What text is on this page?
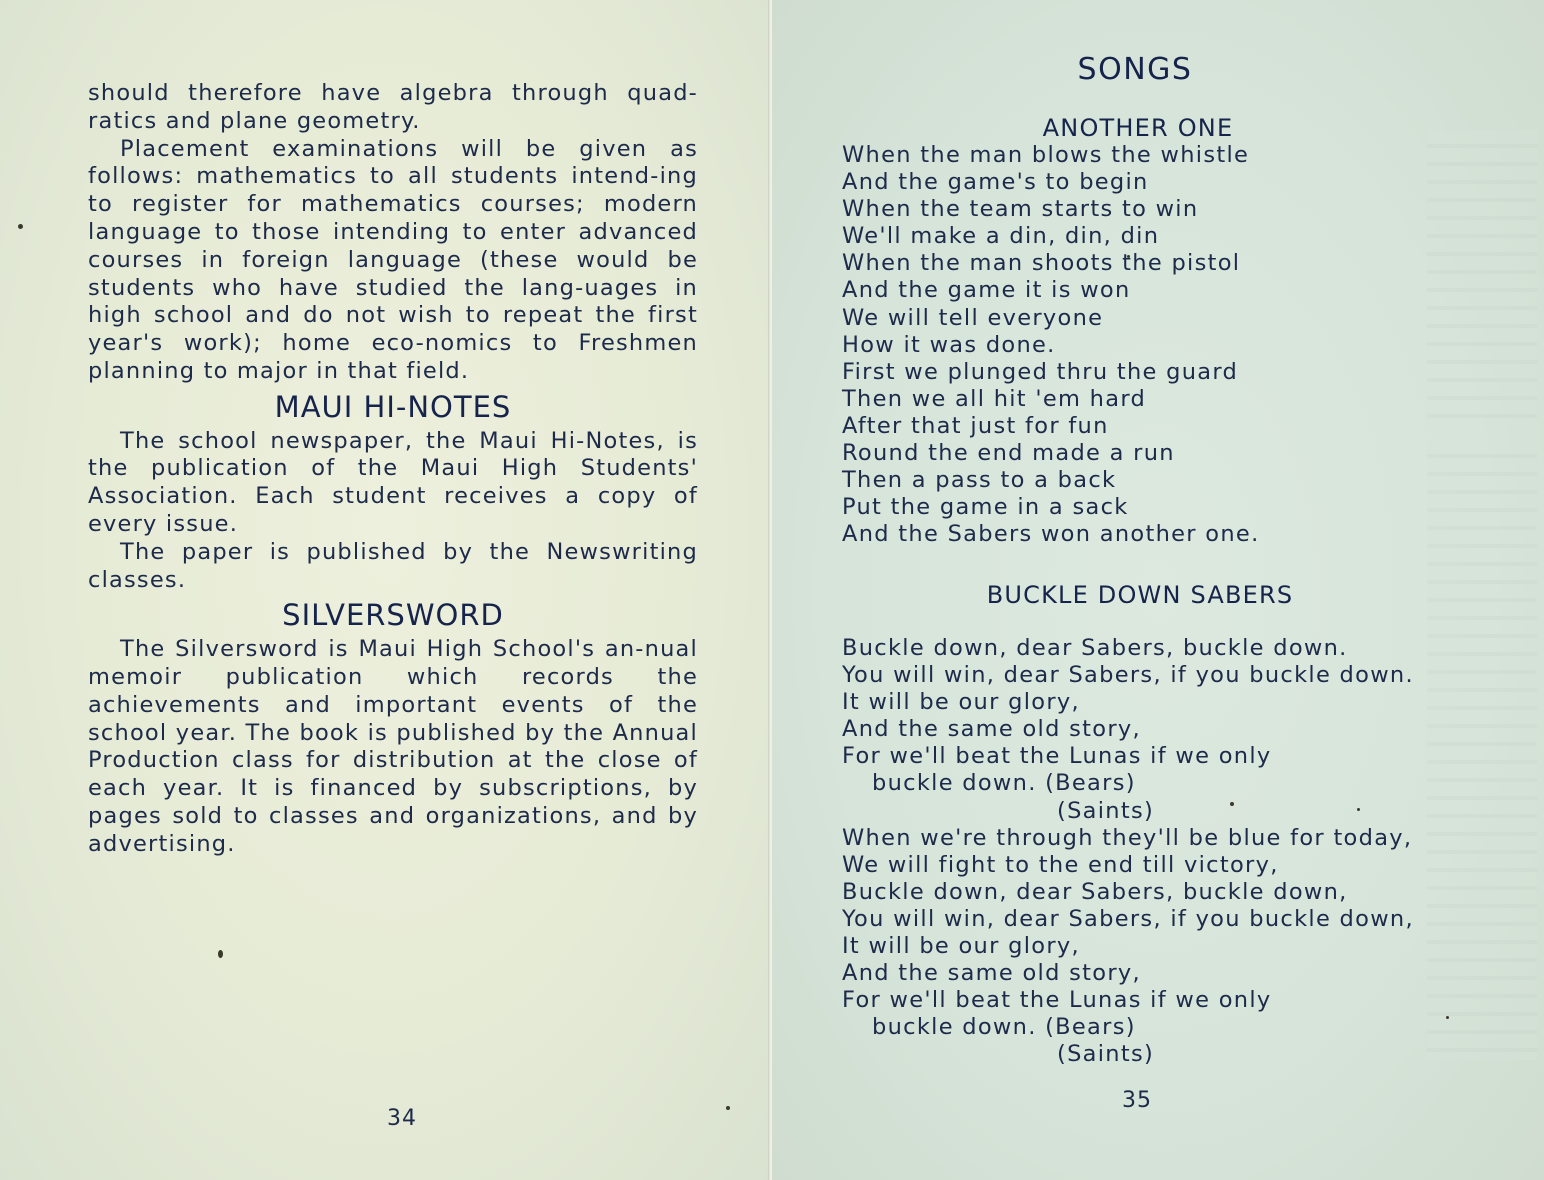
should therefore have algebra through quad-ratics and plane geometry.

Placement examinations will be given as follows: mathematics to all students intend-ing to register for mathematics courses; modern language to those intending to enter advanced courses in foreign language (these would be students who have studied the lang-uages in high school and do not wish to repeat the first year's work); home eco-nomics to Freshmen planning to major in that field.

MAUI HI-NOTES

The school newspaper, the Maui Hi-Notes, is the publication of the Maui High Students' Association. Each student receives a copy of every issue.

The paper is published by the Newswriting classes.

SILVERSWORD

The Silversword is Maui High School's an-nual memoir publication which records the achievements and important events of the school year. The book is published by the Annual Production class for distribution at the close of each year. It is financed by subscriptions, by pages sold to classes and organizations, and by advertising.

34
SONGS
ANOTHER ONE
BUCKLE DOWN SABERS
35
When the man blows the whistle
And the game's to begin
When the team starts to win
We'll make a din, din, din
When the man shoots the pistol
And the game it is won
We will tell everyone
How it was done.
First we plunged thru the guard
Then we all hit 'em hard
After that just for fun
Round the end made a run
Then a pass to a back
Put the game in a sack
And the Sabers won another one.
Buckle down, dear Sabers, buckle down.
You will win, dear Sabers, if you buckle down.
It will be our glory,
And the same old story,
For we'll beat the Lunas if we only
buckle down. (Bears)
(Saints)
When we're through they'll be blue for today,
We will fight to the end till victory,
Buckle down, dear Sabers, buckle down,
You will win, dear Sabers, if you buckle down,
It will be our glory,
And the same old story,
For we'll beat the Lunas if we only
buckle down. (Bears)
(Saints)
